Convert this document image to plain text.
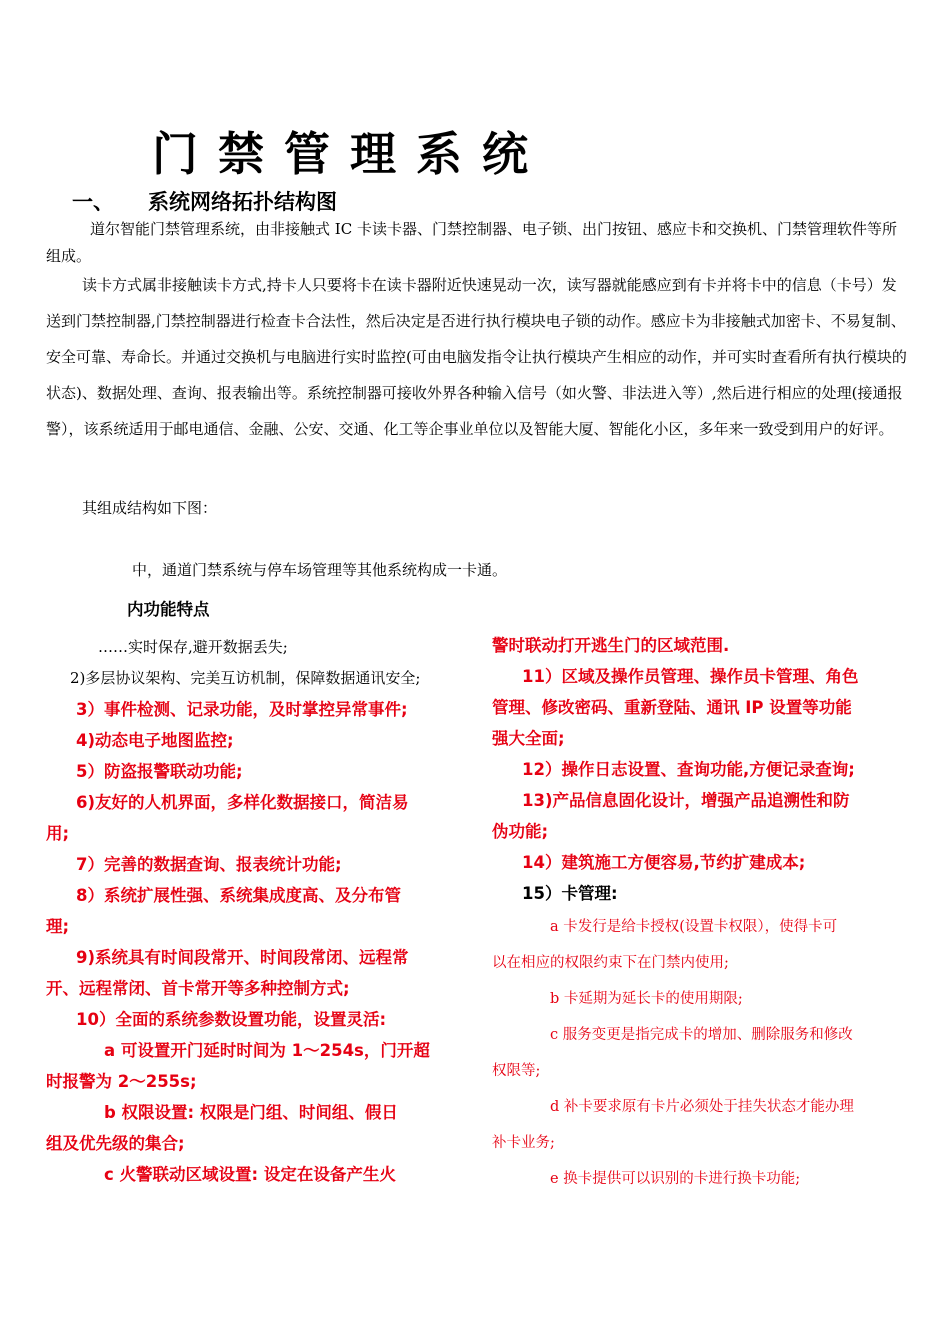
门禁管理系统
一、 系统网络拓扑结构图
道尔智能门禁管理系统，由非接触式 IC 卡读卡器、门禁控制器、电子锁、出门按钮、感应卡和交换机、门禁管理软件等所组成。
读卡方式属非接触读卡方式,持卡人只要将卡在读卡器附近快速晃动一次，读写器就能感应到有卡并将卡中的信息（卡号）发送到门禁控制器,门禁控制器进行检查卡合法性，然后决定是否进行执行模块电子锁的动作。感应卡为非接触式加密卡、不易复制、安全可靠、寿命长。并通过交换机与电脑进行实时监控(可由电脑发指令让执行模块产生相应的动作，并可实时查看所有执行模块的状态)、数据处理、查询、报表输出等。系统控制器可接收外界各种输入信号（如火警、非法进入等）,然后进行相应的处理(接通报警），该系统适用于邮电通信、金融、公安、交通、化工等企事业单位以及智能大厦、智能化小区，多年来一致受到用户的好评。
其组成结构如下图：
中，通道门禁系统与停车场管理等其他系统构成一卡通。
内功能特点
……实时保存,避开数据丢失;
2)多层协议架构、完美互访机制，保障数据通讯安全;
3）事件检测、记录功能，及时掌控异常事件;
4)动态电子地图监控;
5）防盗报警联动功能;
6)友好的人机界面，多样化数据接口，简洁易
用;
7）完善的数据查询、报表统计功能;
8）系统扩展性强、系统集成度高、及分布管
理;
9)系统具有时间段常开、时间段常闭、远程常
开、远程常闭、首卡常开等多种控制方式;
10）全面的系统参数设置功能，设置灵活:
a 可设置开门延时时间为 1～254s，门开超
时报警为 2～255s;
b 权限设置: 权限是门组、时间组、假日
组及优先级的集合;
c 火警联动区域设置: 设定在设备产生火
警时联动打开逃生门的区域范围.
11）区域及操作员管理、操作员卡管理、角色
管理、修改密码、重新登陆、通讯 IP 设置等功能
强大全面;
12）操作日志设置、查询功能,方便记录查询;
13)产品信息固化设计，增强产品追溯性和防
伪功能;
14）建筑施工方便容易,节约扩建成本;
15）卡管理:
a 卡发行是给卡授权(设置卡权限），使得卡可
以在相应的权限约束下在门禁内使用;
b 卡延期为延长卡的使用期限;
c 服务变更是指完成卡的增加、删除服务和修改
权限等;
d 补卡要求原有卡片必须处于挂失状态才能办理
补卡业务;
e 换卡提供可以识别的卡进行换卡功能;
